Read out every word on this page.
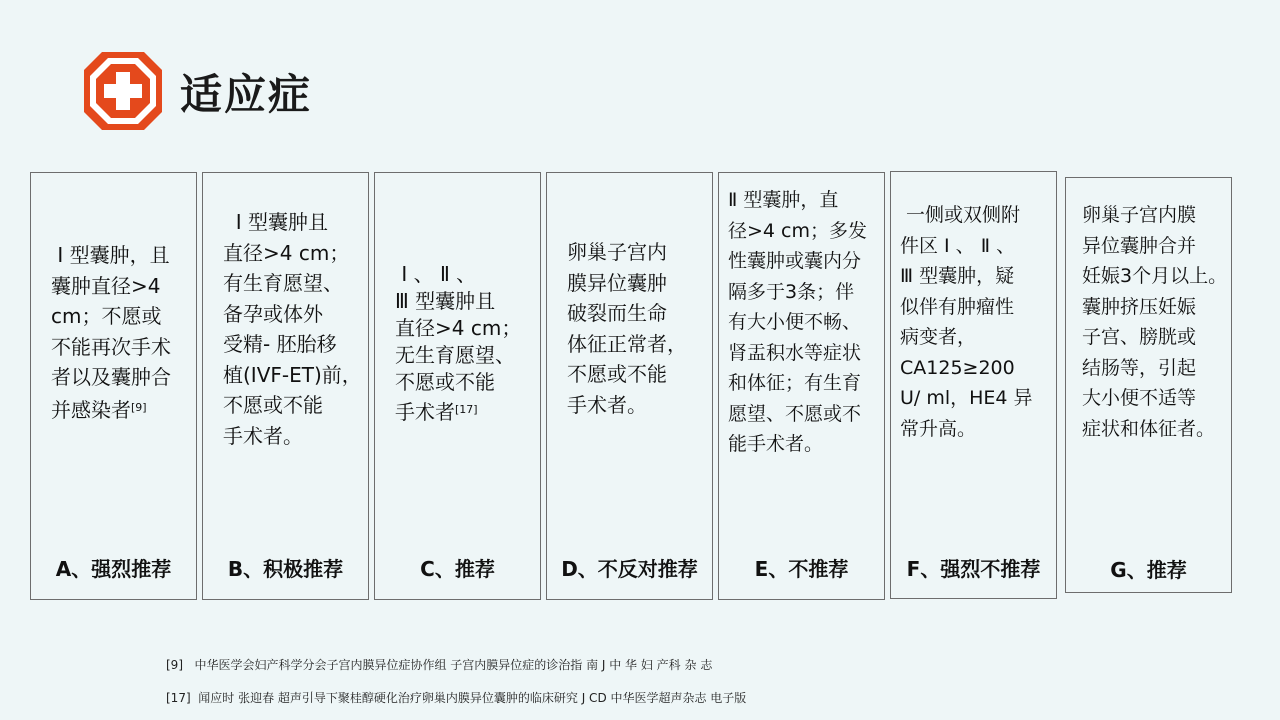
适应症
Ⅰ 型囊肿，且
囊肿直径>4
cm；不愿或
不能再次手术
者以及囊肿合
并感染者[9]
A、强烈推荐
Ⅰ 型囊肿且
直径>4 cm；
有生育愿望、
备孕或体外
受精- 胚胎移
植(IVF-ET)前，
不愿或不能
手术者。
B、积极推荐
Ⅰ 、 Ⅱ 、
Ⅲ 型囊肿且
直径>4 cm；
无生育愿望、
不愿或不能
手术者[17]
C、推荐
卵巢子宫内
膜异位囊肿
破裂而生命
体征正常者，
不愿或不能
手术者。
D、不反对推荐
Ⅱ 型囊肿，直
径>4 cm；多发
性囊肿或囊内分
隔多于3条；伴
有大小便不畅、
肾盂积水等症状
和体征；有生育
愿望、不愿或不
能手术者。
E、不推荐
一侧或双侧附
件区 Ⅰ 、 Ⅱ 、
Ⅲ 型囊肿，疑
似伴有肿瘤性
病变者，
CA125≥200
U/ ml，HE4 异
常升高。
F、强烈不推荐
卵巢子宫内膜
异位囊肿合并
妊娠3个月以上。
囊肿挤压妊娠
子宫、膀胱或
结肠等，引起
大小便不适等
症状和体征者。
G、推荐
[9]   中华医学会妇产科学分会子宫内膜异位症协作组 子宫内膜异位症的诊治指 南 J 中 华 妇 产科 杂 志
[17]  闻应时 张迎春 超声引导下聚桂醇硬化治疗卵巢内膜异位囊肿的临床研究 J CD 中华医学超声杂志 电子版
